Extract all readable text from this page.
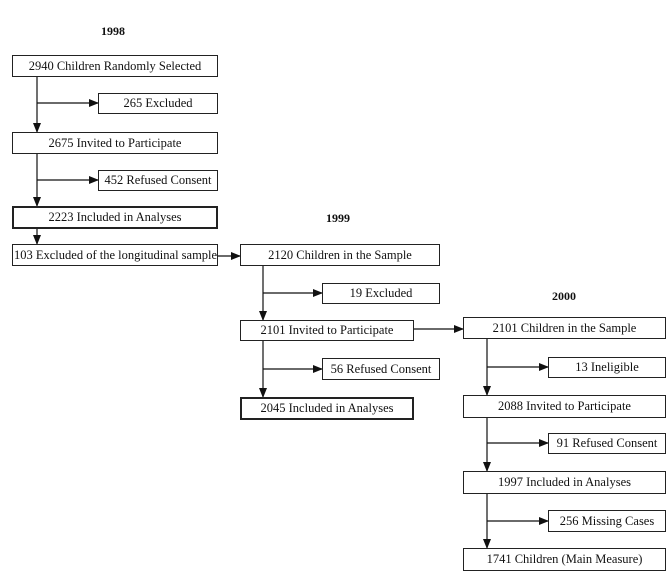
1998
1999
2000
2940 Children Randomly Selected
265 Excluded
2675 Invited to Participate
452 Refused Consent
2223 Included in Analyses
103 Excluded of the longitudinal sample	2120 Children in the Sample
19 Excluded
2101 Invited to Participate
56 Refused Consent
2045 Included in Analyses
2101 Children in the Sample
13 Ineligible
2088 Invited to Participate
91 Refused Consent
1997 Included in Analyses
256 Missing Cases
1741 Children (Main Measure)
